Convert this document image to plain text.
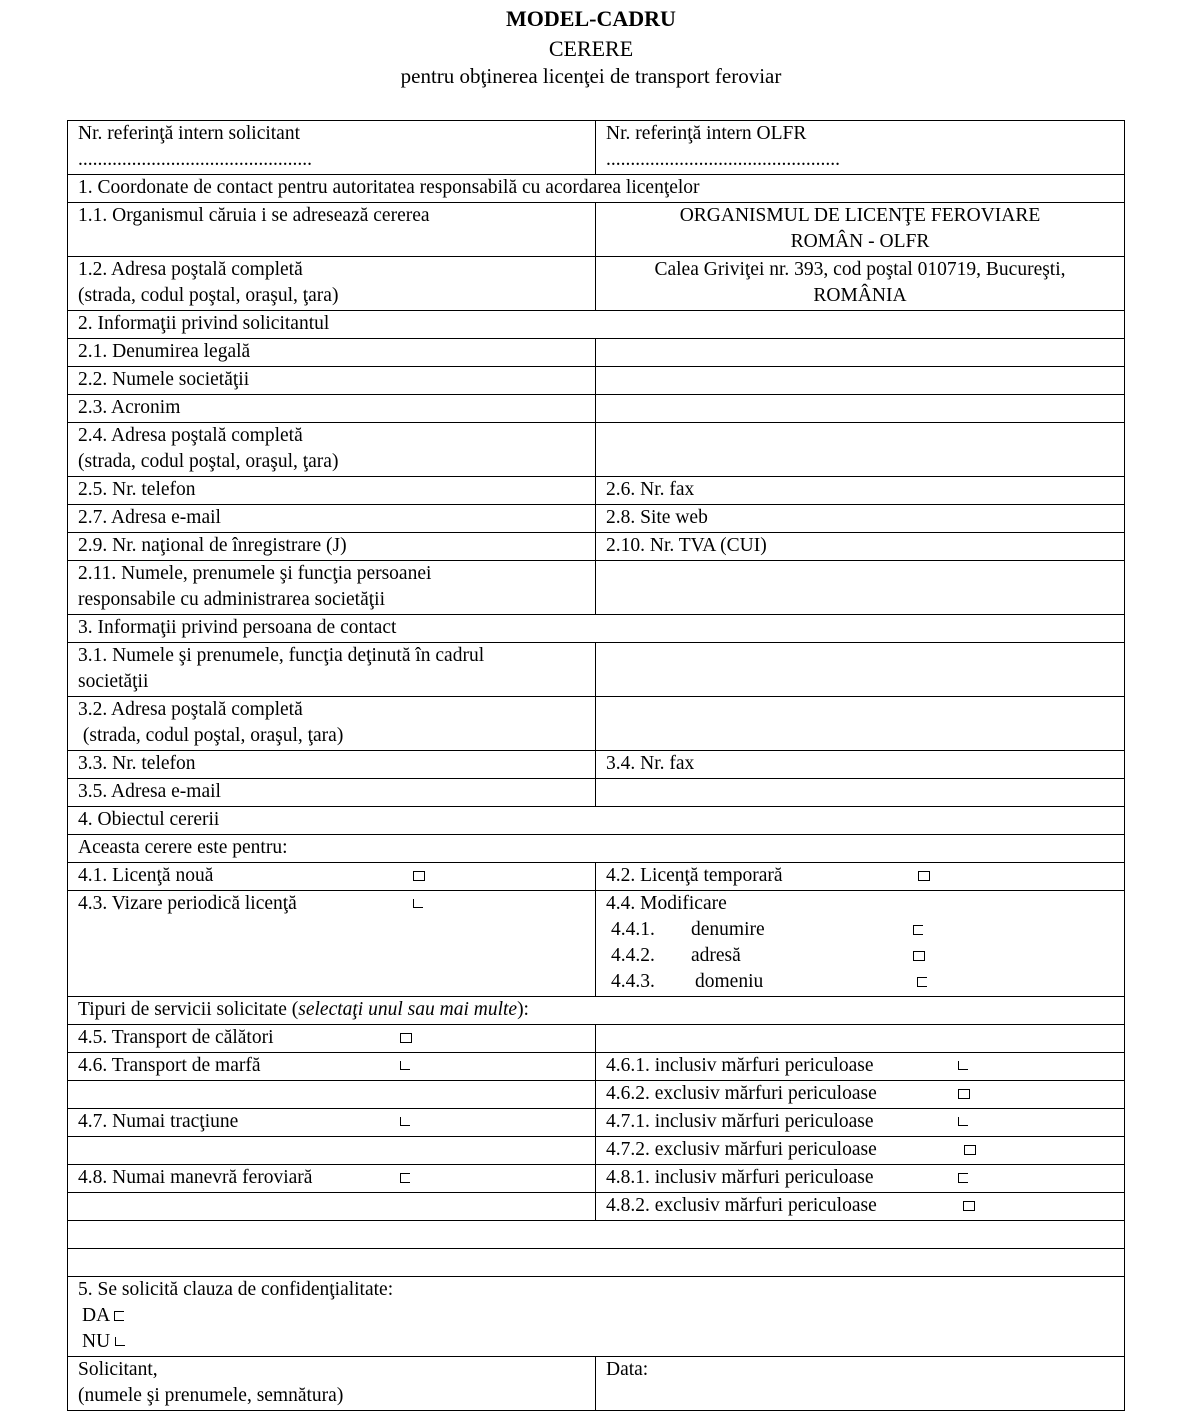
MODEL-CADRU
CERERE
pentru obţinerea licenţei de transport feroviar
Nr. referinţă intern solicitant
................................................	Nr. referinţă intern OLFR
................................................
1. Coordonate de contact pentru autoritatea responsabilă cu acordarea licenţelor	
1.1. Organismul căruia i se adresează cererea	ORGANISMUL DE LICENŢE FEROVIARE
ROMÂN - OLFR
1.2. Adresa poştală completă
(strada, codul poştal, oraşul, ţara)	Calea Griviţei nr. 393, cod poştal 010719, Bucureşti,
ROMÂNIA
2. Informaţii privind solicitantul	
2.1. Denumirea legală	
2.2. Numele societăţii	
2.3. Acronim	
2.4. Adresa poştală completă
(strada, codul poştal, oraşul, ţara)	
2.5. Nr. telefon	2.6. Nr. fax
2.7. Adresa e-mail	2.8. Site web
2.9. Nr. naţional de înregistrare (J)	2.10. Nr. TVA (CUI)
2.11. Numele, prenumele şi funcţia persoanei
responsabile cu administrarea societăţii	
3. Informaţii privind persoana de contact	
3.1. Numele şi prenumele, funcţia deţinută în cadrul
societăţii	
3.2. Adresa poştală completă
(strada, codul poştal, oraşul, ţara)	
3.3. Nr. telefon	3.4. Nr. fax
3.5. Adresa e-mail	
4. Obiectul cererii	
Aceasta cerere este pentru:	
4.1. Licenţă nouă	4.2. Licenţă temporară
4.3. Vizare periodică licenţă	4.4. Modificare
4.4.1. denumire
4.4.2. adresă
4.4.3. domeniu

Tipuri de servicii solicitate (selectaţi unul sau mai multe):	
4.5. Transport de călători	
4.6. Transport de marfă	4.6.1. inclusiv mărfuri periculoase
	4.6.2. exclusiv mărfuri periculoase
4.7. Numai tracţiune	4.7.1. inclusiv mărfuri periculoase
	4.7.2. exclusiv mărfuri periculoase
4.8. Numai manevră feroviară	4.8.1. inclusiv mărfuri periculoase
	4.8.2. exclusiv mărfuri periculoase

5. Se solicită clauza de confidenţialitate:
DA
NU	

Solicitant,
(numele şi prenumele, semnătura)	Data:
